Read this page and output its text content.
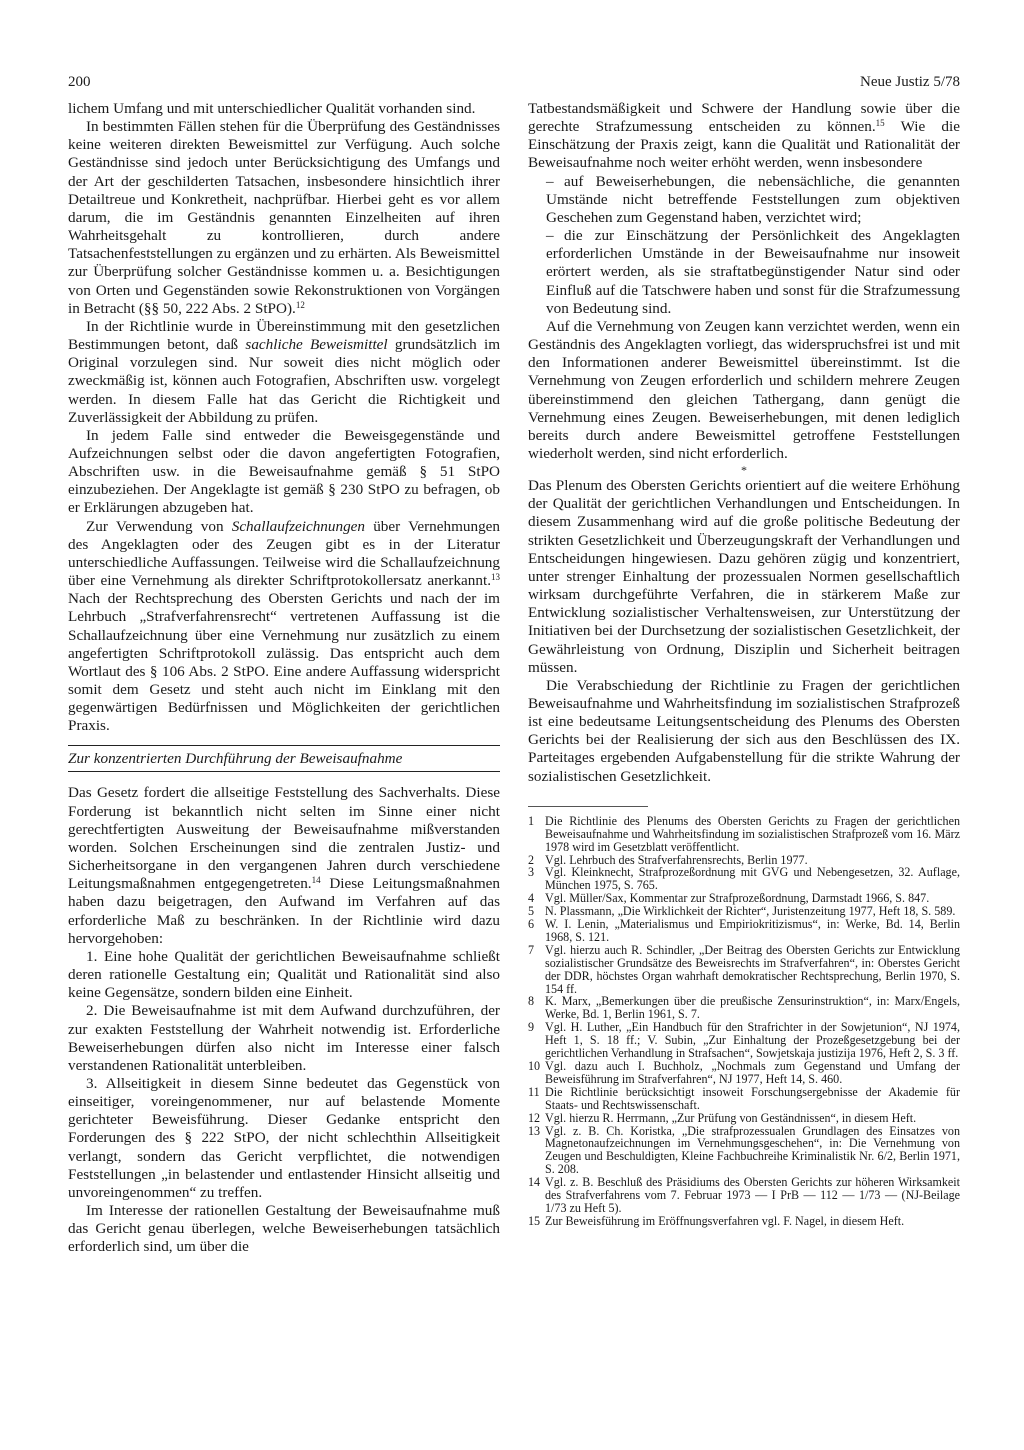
200	Neue Justiz 5/78

lichem Umfang und mit unterschiedlicher Qualität vorhanden sind.

In bestimmten Fällen stehen für die Überprüfung des Geständnisses keine weiteren direkten Beweismittel zur Verfügung. Auch solche Geständnisse sind jedoch unter Berücksichtigung des Umfangs und der Art der geschilderten Tatsachen, insbesondere hinsichtlich ihrer Detailtreue und Konkretheit, nachprüfbar. Hierbei geht es vor allem darum, die im Geständnis genannten Einzelheiten auf ihren Wahrheitsgehalt zu kontrollieren, durch andere Tatsachenfeststellungen zu ergänzen und zu erhärten. Als Beweismittel zur Überprüfung solcher Geständnisse kommen u. a. Besichtigungen von Orten und Gegenständen sowie Rekonstruktionen von Vorgängen in Betracht (§§ 50, 222 Abs. 2 StPO).$^{12}$

In der Richtlinie wurde in Übereinstimmung mit den gesetzlichen Bestimmungen betont, daß sachliche Beweismittel grundsätzlich im Original vorzulegen sind. Nur soweit dies nicht möglich oder zweckmäßig ist, können auch Fotografien, Abschriften usw. vorgelegt werden. In diesem Falle hat das Gericht die Richtigkeit und Zuverlässigkeit der Abbildung zu prüfen.

In jedem Falle sind entweder die Beweisgegenstände und Aufzeichnungen selbst oder die davon angefertigten Fotografien, Abschriften usw. in die Beweisaufnahme gemäß § 51 StPO einzubeziehen. Der Angeklagte ist gemäß § 230 StPO zu befragen, ob er Erklärungen abzugeben hat.

Zur Verwendung von Schallaufzeichnungen über Vernehmungen des Angeklagten oder des Zeugen gibt es in der Literatur unterschiedliche Auffassungen. Teilweise wird die Schallaufzeichnung über eine Vernehmung als direkter Schriftprotokollersatz anerkannt.$^{13}$ Nach der Rechtsprechung des Obersten Gerichts und nach der im Lehrbuch „Strafverfahrensrecht“ vertretenen Auffassung ist die Schallaufzeichnung über eine Vernehmung nur zusätzlich zu einem angefertigten Schriftprotokoll zulässig. Das entspricht auch dem Wortlaut des § 106 Abs. 2 StPO. Eine andere Auffassung widerspricht somit dem Gesetz und steht auch nicht im Einklang mit den gegenwärtigen Bedürfnissen und Möglichkeiten der gerichtlichen Praxis.

Zur konzentrierten Durchführung der Beweisaufnahme

Das Gesetz fordert die allseitige Feststellung des Sachverhalts. Diese Forderung ist bekanntlich nicht selten im Sinne einer nicht gerechtfertigten Ausweitung der Beweisaufnahme mißverstanden worden. Solchen Erscheinungen sind die zentralen Justiz- und Sicherheitsorgane in den vergangenen Jahren durch verschiedene Leitungsmaßnahmen entgegengetreten.$^{14}$ Diese Leitungsmaßnahmen haben dazu beigetragen, den Aufwand im Verfahren auf das erforderliche Maß zu beschränken. In der Richtlinie wird dazu hervorgehoben:

1. Eine hohe Qualität der gerichtlichen Beweisaufnahme schließt deren rationelle Gestaltung ein; Qualität und Rationalität sind also keine Gegensätze, sondern bilden eine Einheit.

2. Die Beweisaufnahme ist mit dem Aufwand durchzuführen, der zur exakten Feststellung der Wahrheit notwendig ist. Erforderliche Beweiserhebungen dürfen also nicht im Interesse einer falsch verstandenen Rationalität unterbleiben.

3. Allseitigkeit in diesem Sinne bedeutet das Gegenstück von einseitiger, voreingenommener, nur auf belastende Momente gerichteter Beweisführung. Dieser Gedanke entspricht den Forderungen des § 222 StPO, der nicht schlechthin Allseitigkeit verlangt, sondern das Gericht verpflichtet, die notwendigen Feststellungen „in belastender und entlastender Hinsicht allseitig und unvoreingenommen“ zu treffen.

Im Interesse der rationellen Gestaltung der Beweisaufnahme muß das Gericht genau überlegen, welche Beweiserhebungen tatsächlich erforderlich sind, um über die

Tatbestandsmäßigkeit und Schwere der Handlung sowie über die gerechte Strafzumessung entscheiden zu können.$^{15}$ Wie die Einschätzung der Praxis zeigt, kann die Qualität und Rationalität der Beweisaufnahme noch weiter erhöht werden, wenn insbesondere

– auf Beweiserhebungen, die nebensächliche, die genannten Umstände nicht betreffende Feststellungen zum objektiven Geschehen zum Gegenstand haben, verzichtet wird;

– die zur Einschätzung der Persönlichkeit des Angeklagten erforderlichen Umstände in der Beweisaufnahme nur insoweit erörtert werden, als sie straftatbegünstigender Natur sind oder Einfluß auf die Tatschwere haben und sonst für die Strafzumessung von Bedeutung sind.

Auf die Vernehmung von Zeugen kann verzichtet werden, wenn ein Geständnis des Angeklagten vorliegt, das widerspruchsfrei ist und mit den Informationen anderer Beweismittel übereinstimmt. Ist die Vernehmung von Zeugen erforderlich und schildern mehrere Zeugen übereinstimmend den gleichen Tathergang, dann genügt die Vernehmung eines Zeugen. Beweiserhebungen, mit denen lediglich bereits durch andere Beweismittel getroffene Feststellungen wiederholt werden, sind nicht erforderlich.

*

Das Plenum des Obersten Gerichts orientiert auf die weitere Erhöhung der Qualität der gerichtlichen Verhandlungen und Entscheidungen. In diesem Zusammenhang wird auf die große politische Bedeutung der strikten Gesetzlichkeit und Überzeugungskraft der Verhandlungen und Entscheidungen hingewiesen. Dazu gehören zügig und konzentriert, unter strenger Einhaltung der prozessualen Normen gesellschaftlich wirksam durchgeführte Verfahren, die in stärkerem Maße zur Entwicklung sozialistischer Verhaltensweisen, zur Unterstützung der Initiativen bei der Durchsetzung der sozialistischen Gesetzlichkeit, der Gewährleistung von Ordnung, Disziplin und Sicherheit beitragen müssen.

Die Verabschiedung der Richtlinie zu Fragen der gerichtlichen Beweisaufnahme und Wahrheitsfindung im sozialistischen Strafprozeß ist eine bedeutsame Leitungsentscheidung des Plenums des Obersten Gerichts bei der Realisierung der sich aus den Beschlüssen des IX. Parteitages ergebenden Aufgabenstellung für die strikte Wahrung der sozialistischen Gesetzlichkeit.

1 Die Richtlinie des Plenums des Obersten Gerichts zu Fragen der gerichtlichen Beweisaufnahme und Wahrheitsfindung im sozialistischen Strafprozeß vom 16. März 1978 wird im Gesetzblatt veröffentlicht.
2 Vgl. Lehrbuch des Strafverfahrensrechts, Berlin 1977.
3 Vgl. Kleinknecht, Strafprozeßordnung mit GVG und Nebengesetzen, 32. Auflage, München 1975, S. 765.
4 Vgl. Müller/Sax, Kommentar zur Strafprozeßordnung, Darmstadt 1966, S. 847.
5 N. Plassmann, „Die Wirklichkeit der Richter“, Juristenzeitung 1977, Heft 18, S. 589.
6 W. I. Lenin, „Materialismus und Empiriokritizismus“, in: Werke, Bd. 14, Berlin 1968, S. 121.
7 Vgl. hierzu auch R. Schindler, „Der Beitrag des Obersten Gerichts zur Entwicklung sozialistischer Grundsätze des Beweisrechts im Strafverfahren“, in: Oberstes Gericht der DDR, höchstes Organ wahrhaft demokratischer Rechtsprechung, Berlin 1970, S. 154 ff.
8 K. Marx, „Bemerkungen über die preußische Zensurinstruktion“, in: Marx/Engels, Werke, Bd. 1, Berlin 1961, S. 7.
9 Vgl. H. Luther, „Ein Handbuch für den Strafrichter in der Sowjetunion“, NJ 1974, Heft 1, S. 18 ff.; V. Subin, „Zur Einhaltung der Prozeßgesetzgebung bei der gerichtlichen Verhandlung in Strafsachen“, Sowjetskaja justizija 1976, Heft 2, S. 3 ff.
10 Vgl. dazu auch I. Buchholz, „Nochmals zum Gegenstand und Umfang der Beweisführung im Strafverfahren“, NJ 1977, Heft 14, S. 460.
11 Die Richtlinie berücksichtigt insoweit Forschungsergebnisse der Akademie für Staats- und Rechtswissenschaft.
12 Vgl. hierzu R. Herrmann, „Zur Prüfung von Geständnissen“, in diesem Heft.
13 Vgl. z. B. Ch. Koristka, „Die strafprozessualen Grundlagen des Einsatzes von Magnetonaufzeichnungen im Vernehmungsgeschehen“, in: Die Vernehmung von Zeugen und Beschuldigten, Kleine Fachbuchreihe Kriminalistik Nr. 6/2, Berlin 1971, S. 208.
14 Vgl. z. B. Beschluß des Präsidiums des Obersten Gerichts zur höheren Wirksamkeit des Strafverfahrens vom 7. Februar 1973 — I PrB — 112 — 1/73 — (NJ-Beilage 1/73 zu Heft 5).
15 Zur Beweisführung im Eröffnungsverfahren vgl. F. Nagel, in diesem Heft.
